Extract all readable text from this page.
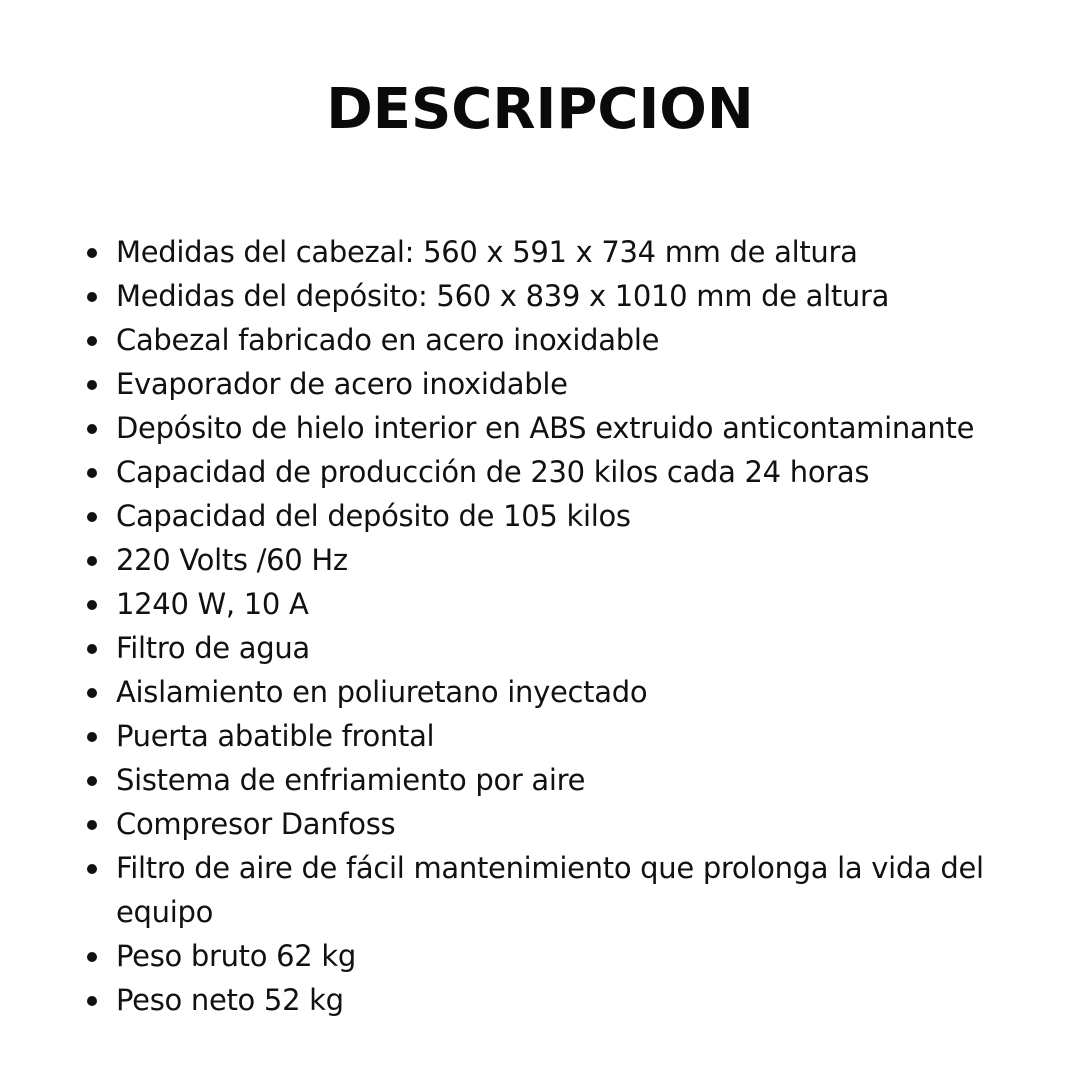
DESCRIPCION
Medidas del cabezal: 560 x 591 x 734 mm de altura
Medidas del depósito: 560 x 839 x 1010 mm de altura
Cabezal fabricado en acero inoxidable
Evaporador de acero inoxidable
Depósito de hielo interior en ABS extruido anticontaminante
Capacidad de producción de 230 kilos cada 24 horas
Capacidad del depósito de 105 kilos
220 Volts /60 Hz
1240 W, 10 A
Filtro de agua
Aislamiento en poliuretano inyectado
Puerta abatible frontal
Sistema de enfriamiento por aire
Compresor Danfoss
Filtro de aire de fácil mantenimiento que prolonga la vida del equipo
Peso bruto 62 kg
Peso neto 52 kg
